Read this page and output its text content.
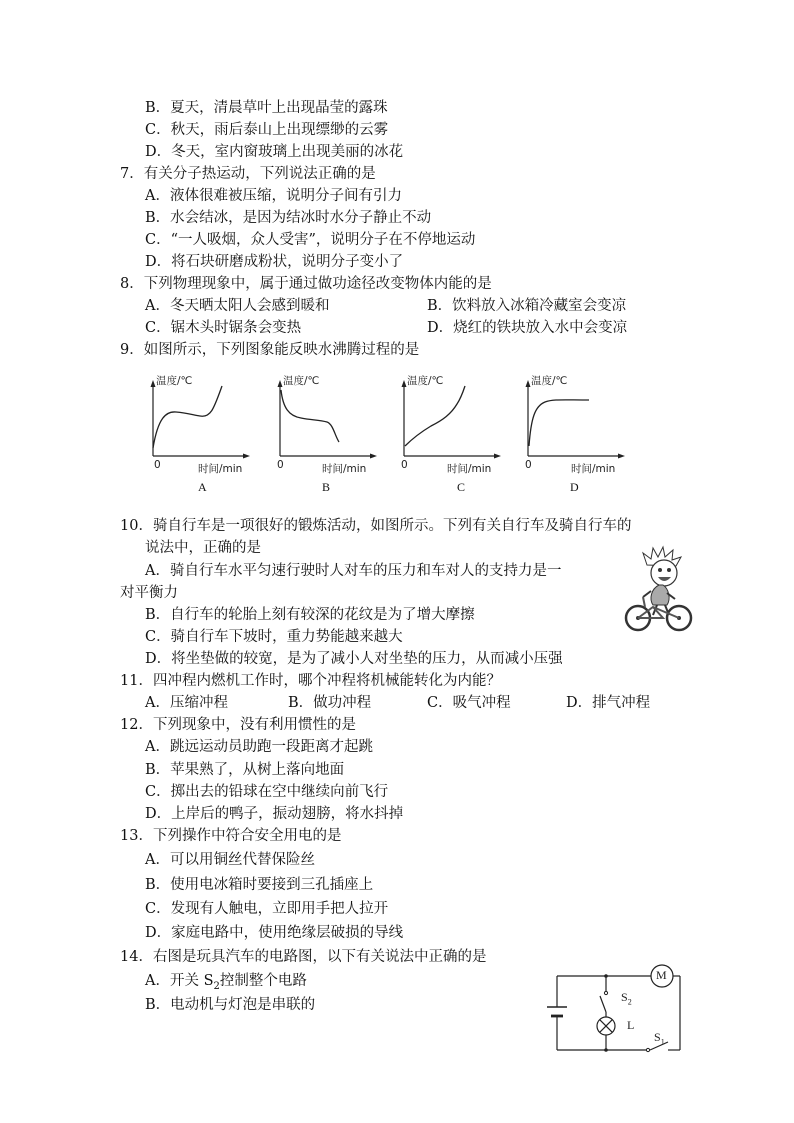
B．夏天，清晨草叶上出现晶莹的露珠
C．秋天，雨后泰山上出现缥缈的云雾
D．冬天，室内窗玻璃上出现美丽的冰花
7．有关分子热运动，下列说法正确的是
A．液体很难被压缩，说明分子间有引力
B．水会结冰，是因为结冰时水分子静止不动
C．“一人吸烟，众人受害”，说明分子在不停地运动
D．将石块研磨成粉状，说明分子变小了
8．下列物理现象中，属于通过做功途径改变物体内能的是
A．冬天晒太阳人会感到暖和	B．饮料放入冰箱冷藏室会变凉
C．锯木头时锯条会变热	D．烧红的铁块放入水中会变凉
9．如图所示，下列图象能反映水沸腾过程的是
温度/℃
0	时间/min
A
温度/℃
0	时间/min
B
温度/℃
0	时间/min
C
温度/℃
0	时间/min
D
10．骑自行车是一项很好的锻炼活动，如图所示。下列有关自行车及骑自行车的
说法中，正确的是
A．骑自行车水平匀速行驶时人对车的压力和车对人的支持力是一
对平衡力
B．自行车的轮胎上刻有较深的花纹是为了增大摩擦
C．骑自行车下坡时，重力势能越来越大
D．将坐垫做的较宽，是为了减小人对坐垫的压力，从而减小压强
11．四冲程内燃机工作时，哪个冲程将机械能转化为内能？
A．压缩冲程	B．做功冲程	C．吸气冲程	D．排气冲程
12．下列现象中，没有利用惯性的是
A．跳远运动员助跑一段距离才起跳
B．苹果熟了，从树上落向地面
C．掷出去的铅球在空中继续向前飞行
D．上岸后的鸭子，振动翅膀，将水抖掉
13．下列操作中符合安全用电的是
A．可以用铜丝代替保险丝
B．使用电冰箱时要接到三孔插座上
C．发现有人触电，立即用手把人拉开
D．家庭电路中，使用绝缘层破损的导线
14．右图是玩具汽车的电路图，以下有关说法中正确的是
A．开关 $S_2$控制整个电路
B．电动机与灯泡是串联的
M
$S_2$
L
$S_1$
